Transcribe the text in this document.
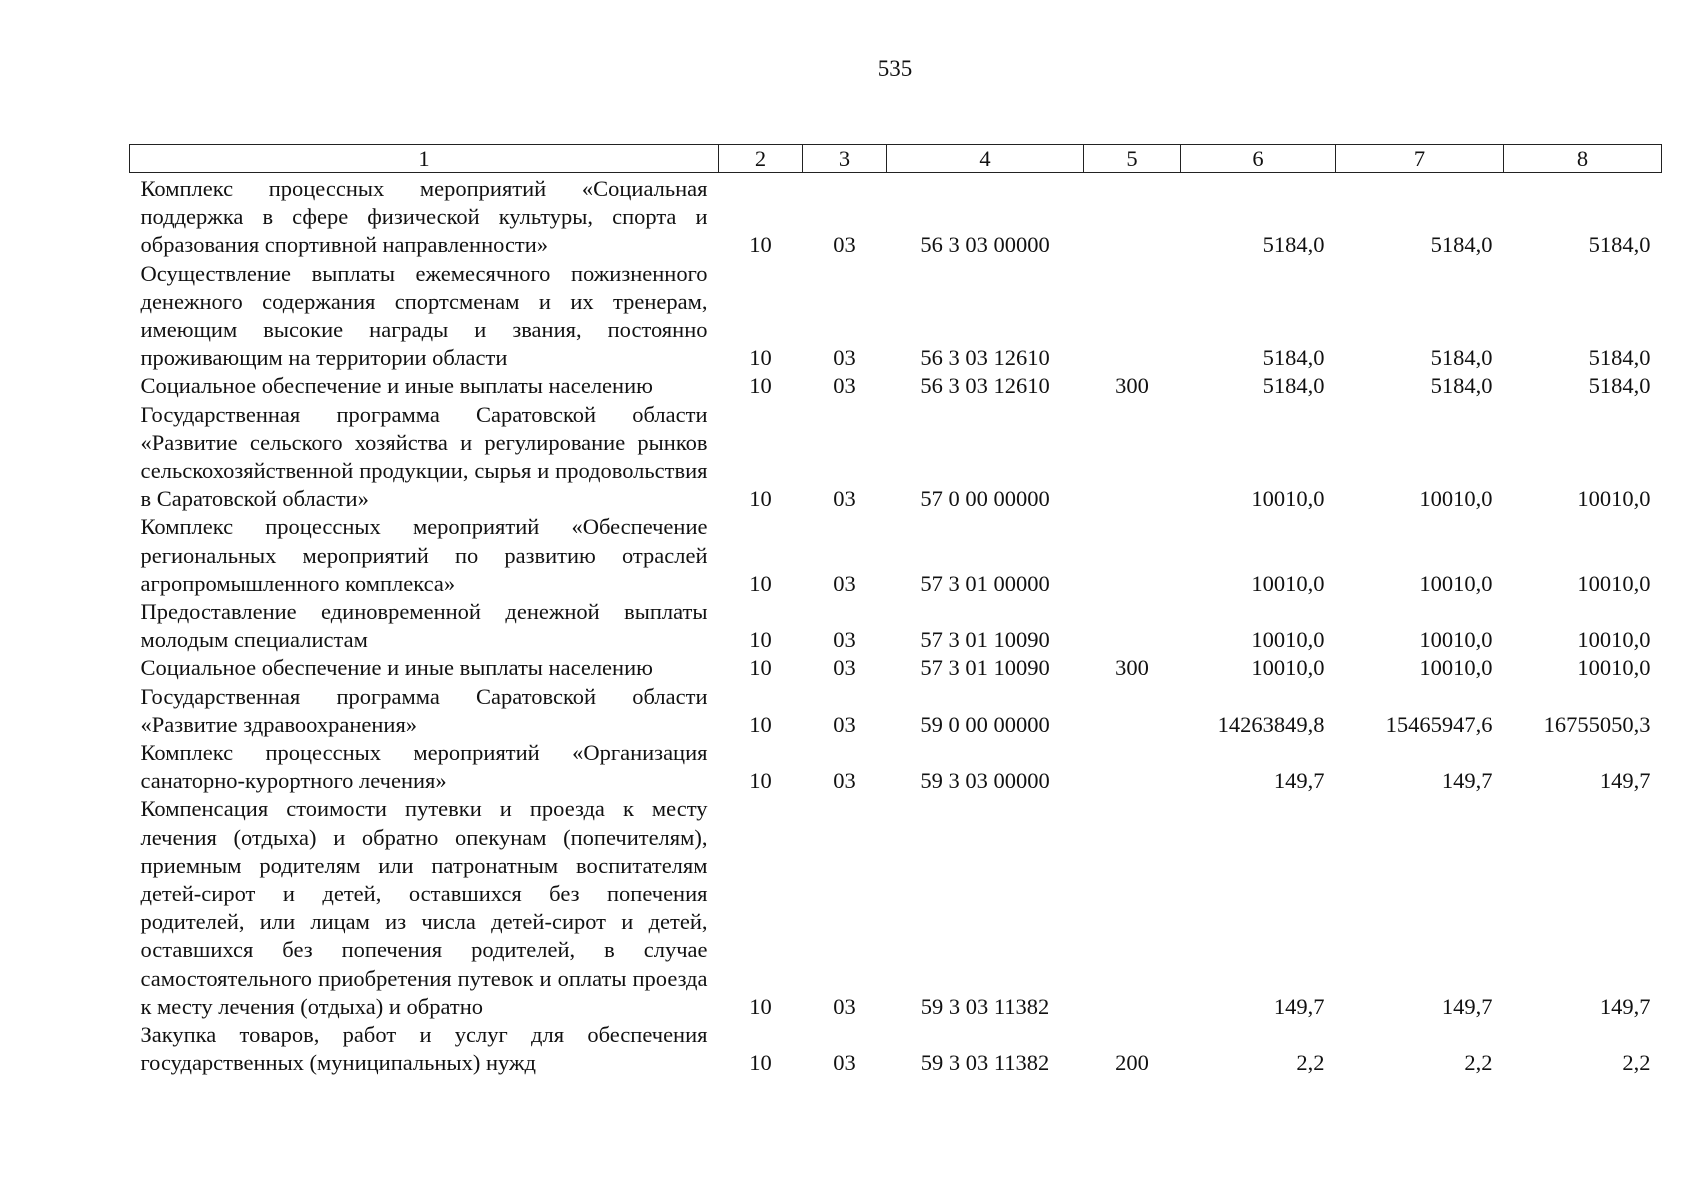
535
1	2	3	4	5	6	7	8
Комплекс процессных мероприятий «Социальная поддержка в сфере физической культуры, спорта и образования спортивной направленности»	10	03	56 3 03 00000		5184,0	5184,0	5184,0
Осуществление выплаты ежемесячного пожизненного денежного содержания спортсменам и их тренерам, имеющим высокие награды и звания, постоянно проживающим на территории области	10	03	56 3 03 12610		5184,0	5184,0	5184,0
Социальное обеспечение и иные выплаты населению	10	03	56 3 03 12610	300	5184,0	5184,0	5184,0
Государственная программа Саратовской области «Развитие сельского хозяйства и регулирование рынков сельскохозяйственной продукции, сырья и продовольствия в Саратовской области»	10	03	57 0 00 00000		10010,0	10010,0	10010,0
Комплекс процессных мероприятий «Обеспечение региональных мероприятий по развитию отраслей агропромышленного комплекса»	10	03	57 3 01 00000		10010,0	10010,0	10010,0
Предоставление единовременной денежной выплаты молодым специалистам	10	03	57 3 01 10090		10010,0	10010,0	10010,0
Социальное обеспечение и иные выплаты населению	10	03	57 3 01 10090	300	10010,0	10010,0	10010,0
Государственная программа Саратовской области «Развитие здравоохранения»	10	03	59 0 00 00000		14263849,8	15465947,6	16755050,3
Комплекс процессных мероприятий «Организация санаторно-курортного лечения»	10	03	59 3 03 00000		149,7	149,7	149,7
Компенсация стоимости путевки и проезда к месту лечения (отдыха) и обратно опекунам (попечителям), приемным родителям или патронатным воспитателям детей-сирот и детей, оставшихся без попечения родителей, или лицам из числа детей-сирот и детей, оставшихся без попечения родителей, в случае самостоятельного приобретения путевок и оплаты проезда к месту лечения (отдыха) и обратно	10	03	59 3 03 11382		149,7	149,7	149,7
Закупка товаров, работ и услуг для обеспечения государственных (муниципальных) нужд	10	03	59 3 03 11382	200	2,2	2,2	2,2
